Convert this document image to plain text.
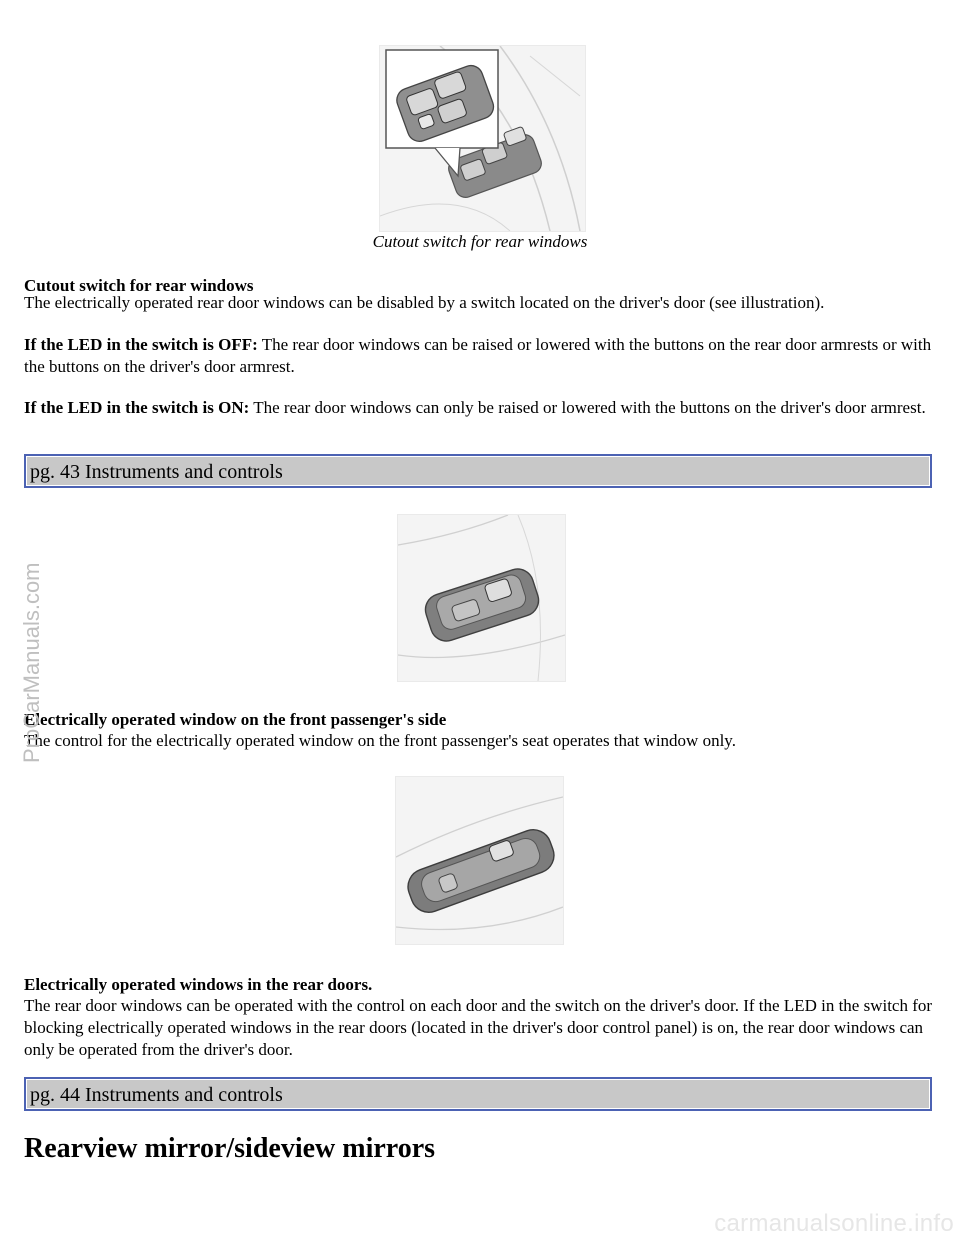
Cutout switch for rear windows
Cutout switch for rear windows
The electrically operated rear door windows can be disabled by a switch located on the driver's door (see illustration).
If the LED in the switch is OFF: The rear door windows can be raised or lowered with the buttons on the rear door armrests or with the buttons on the driver's door armrest.
If the LED in the switch is ON: The rear door windows can only be raised or lowered with the buttons on the driver's door armrest.
pg. 43 Instruments and controls
Electrically operated window on the front passenger's side
The control for the electrically operated window on the front passenger's seat operates that window only.
Electrically operated windows in the rear doors.
The rear door windows can be operated with the control on each door and the switch on the driver's door. If the LED in the switch for blocking electrically operated windows in the rear doors (located in the driver's door control panel) is on, the rear door windows can only be operated from the driver's door.
pg. 44 Instruments and controls
Rearview mirror/sideview mirrors
ProCarManuals.com
carmanualsonline.info
